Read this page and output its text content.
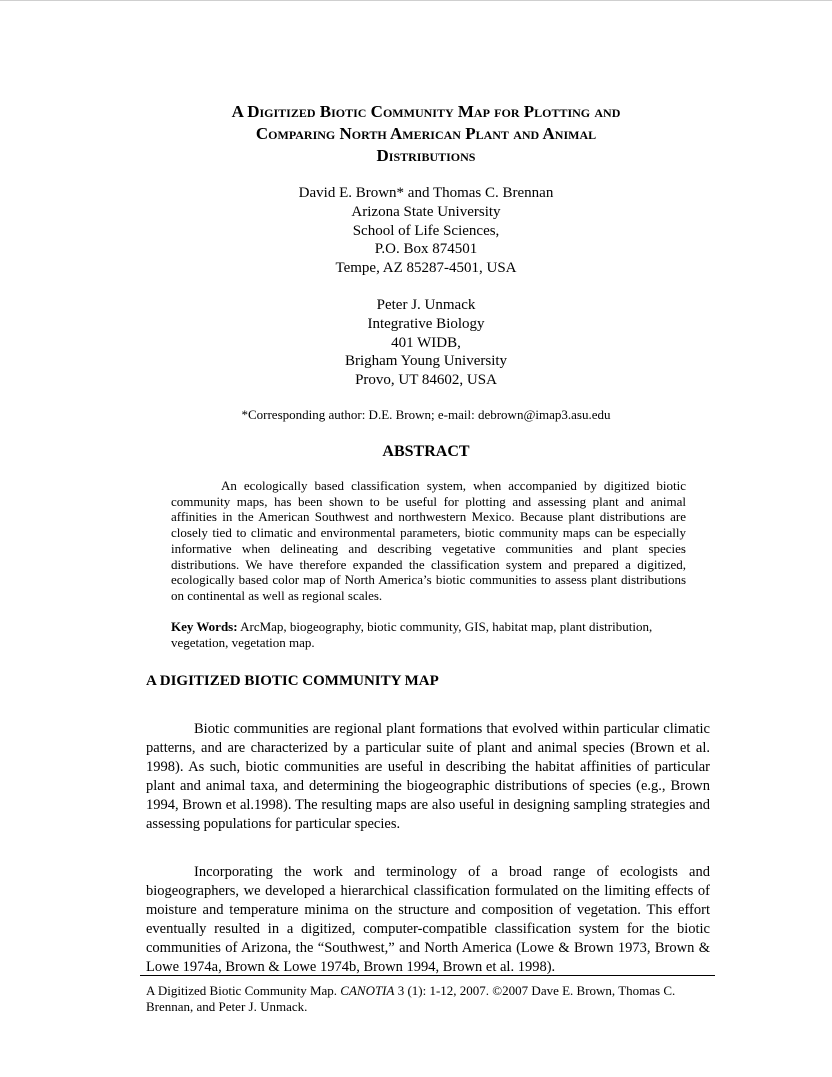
A Digitized Biotic Community Map for Plotting and
Comparing North American Plant and Animal
Distributions
David E. Brown* and Thomas C. Brennan
Arizona State University
School of Life Sciences,
P.O. Box 874501
Tempe, AZ 85287-4501, USA
Peter J. Unmack
Integrative Biology
401 WIDB,
Brigham Young University
Provo, UT 84602, USA
*Corresponding author: D.E. Brown; e-mail: debrown@imap3.asu.edu
ABSTRACT

An ecologically based classification system, when accompanied by digitized biotic community maps, has been shown to be useful for plotting and assessing plant and animal affinities in the American Southwest and northwestern Mexico. Because plant distributions are closely tied to climatic and environmental parameters, biotic community maps can be especially informative when delineating and describing vegetative communities and plant species distributions. We have therefore expanded the classification system and prepared a digitized, ecologically based color map of North America’s biotic communities to assess plant distributions on continental as well as regional scales.

Key Words: ArcMap, biogeography, biotic community, GIS, habitat map, plant distribution, vegetation, vegetation map.

A DIGITIZED BIOTIC COMMUNITY MAP

Biotic communities are regional plant formations that evolved within particular climatic patterns, and are characterized by a particular suite of plant and animal species (Brown et al. 1998). As such, biotic communities are useful in describing the habitat affinities of particular plant and animal taxa, and determining the biogeographic distributions of species (e.g., Brown 1994, Brown et al.1998). The resulting maps are also useful in designing sampling strategies and assessing populations for particular species.

Incorporating the work and terminology of a broad range of ecologists and biogeographers, we developed a hierarchical classification formulated on the limiting effects of moisture and temperature minima on the structure and composition of vegetation. This effort eventually resulted in a digitized, computer-compatible classification system for the biotic communities of Arizona, the “Southwest,” and North America (Lowe & Brown 1973, Brown & Lowe 1974a, Brown & Lowe 1974b, Brown 1994, Brown et al. 1998).

A Digitized Biotic Community Map. CANOTIA 3 (1): 1-12, 2007. ©2007 Dave E. Brown, Thomas C. Brennan, and Peter J. Unmack.
